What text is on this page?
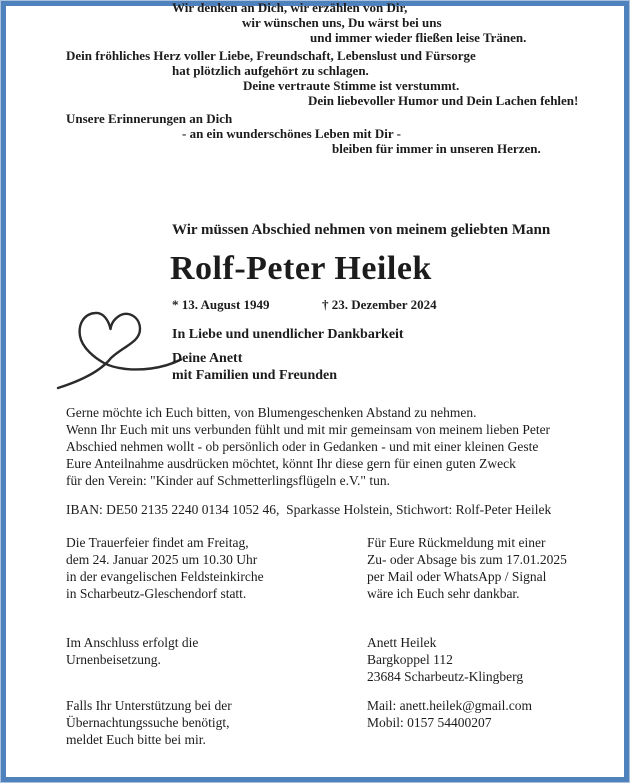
Wir denken an Dich, wir erzählen von Dir,
wir wünschen uns, Du wärst bei uns
und immer wieder fließen leise Tränen.
Dein fröhliches Herz voller Liebe, Freundschaft, Lebenslust und Fürsorge
hat plötzlich aufgehört zu schlagen.
Deine vertraute Stimme ist verstummt.
Dein liebevoller Humor und Dein Lachen fehlen!
Unsere Erinnerungen an Dich
- an ein wunderschönes Leben mit Dir -
bleiben für immer in unseren Herzen.
Wir müssen Abschied nehmen von meinem geliebten Mann
Rolf-Peter Heilek
* 13. August 1949	† 23. Dezember 2024
In Liebe und unendlicher Dankbarkeit
Deine Anett
mit Familien und Freunden
Gerne möchte ich Euch bitten, von Blumengeschenken Abstand zu nehmen.
Wenn Ihr Euch mit uns verbunden fühlt und mit mir gemeinsam von meinem lieben Peter
Abschied nehmen wollt - ob persönlich oder in Gedanken - und mit einer kleinen Geste
Eure Anteilnahme ausdrücken möchtet, könnt Ihr diese gern für einen guten Zweck
für den Verein: "Kinder auf Schmetterlingsflügeln e.V." tun.
IBAN: DE50 2135 2240 0134 1052 46,  Sparkasse Holstein, Stichwort: Rolf-Peter Heilek
Die Trauerfeier findet am Freitag,
dem 24. Januar 2025 um 10.30 Uhr
in der evangelischen Feldsteinkirche
in Scharbeutz-Gleschendorf statt.
Für Eure Rückmeldung mit einer
Zu- oder Absage bis zum 17.01.2025
per Mail oder WhatsApp / Signal
wäre ich Euch sehr dankbar.
Im Anschluss erfolgt die
Urnenbeisetzung.
Anett Heilek
Bargkoppel 112
23684 Scharbeutz-Klingberg
Falls Ihr Unterstützung bei der
Übernachtungssuche benötigt,
meldet Euch bitte bei mir.
Mail: anett.heilek@gmail.com
Mobil: 0157 54400207
